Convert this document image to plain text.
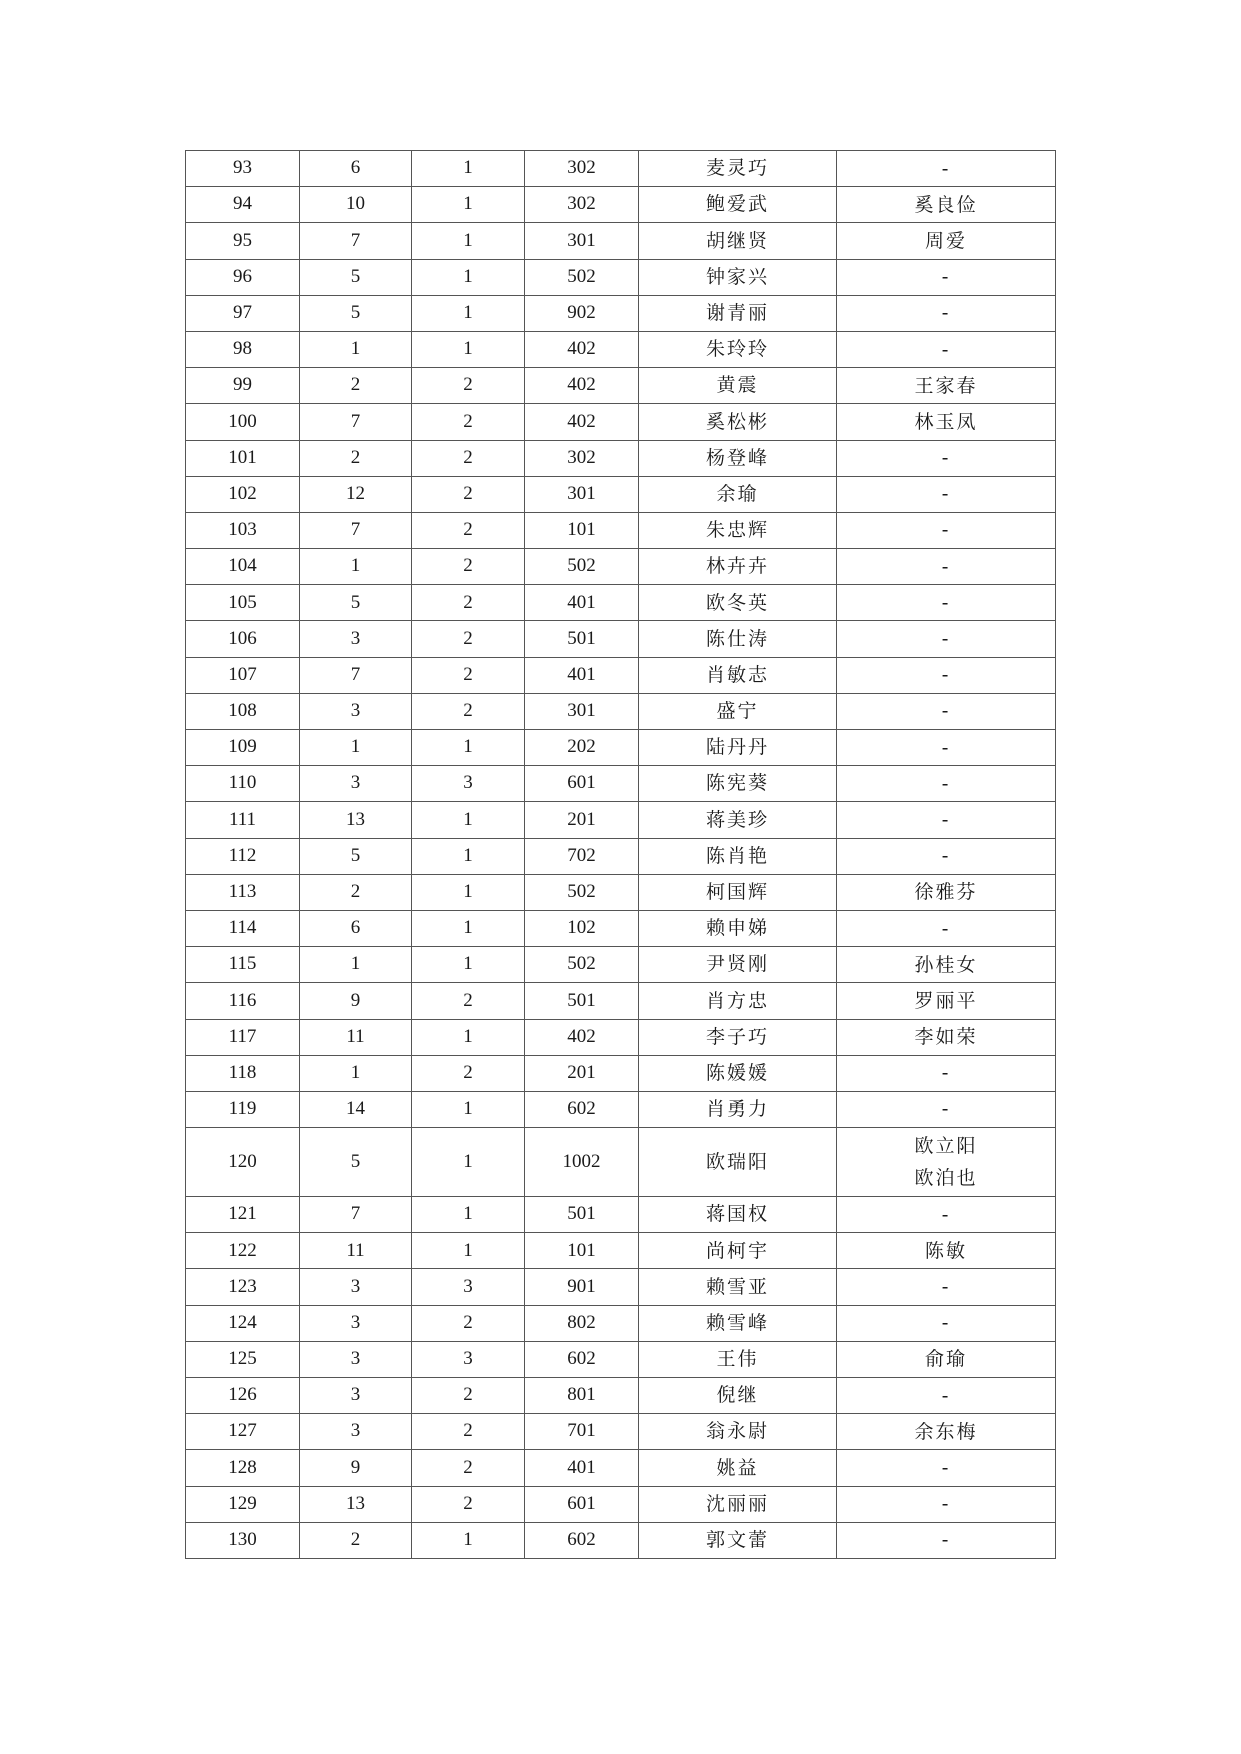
93	6	1	302	麦灵巧	-

94	10	1	302	鲍爱武	奚良俭

95	7	1	301	胡继贤	周爱

96	5	1	502	钟家兴	-

97	5	1	902	谢青丽	-

98	1	1	402	朱玲玲	-

99	2	2	402	黄震	王家春

100	7	2	402	奚松彬	林玉凤

101	2	2	302	杨登峰	-

102	12	2	301	余瑜	-

103	7	2	101	朱忠辉	-

104	1	2	502	林卉卉	-

105	5	2	401	欧冬英	-

106	3	2	501	陈仕涛	-

107	7	2	401	肖敏志	-

108	3	2	301	盛宁	-

109	1	1	202	陆丹丹	-

110	3	3	601	陈宪葵	-

111	13	1	201	蒋美珍	-

112	5	1	702	陈肖艳	-

113	2	1	502	柯国辉	徐雅芬

114	6	1	102	赖申娣	-

115	1	1	502	尹贤刚	孙桂女

116	9	2	501	肖方忠	罗丽平

117	11	1	402	李子巧	李如荣

118	1	2	201	陈媛媛	-

119	14	1	602	肖勇力	-

120	5	1	1002	欧瑞阳	欧立阳
欧泊也

121	7	1	501	蒋国权	-

122	11	1	101	尚柯宇	陈敏

123	3	3	901	赖雪亚	-

124	3	2	802	赖雪峰	-

125	3	3	602	王伟	俞瑜

126	3	2	801	倪继	-

127	3	2	701	翁永尉	余东梅

128	9	2	401	姚益	-

129	13	2	601	沈丽丽	-

130	2	1	602	郭文蕾	-
